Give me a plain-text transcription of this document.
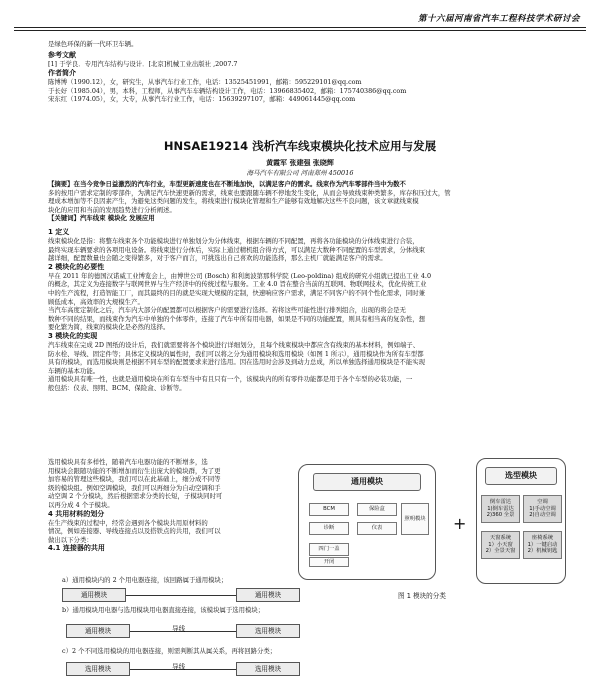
第十六届河南省汽车工程科技学术研讨会
是绿色环保的新一代环卫车辆。
参考文献
[1] 于学良．专用汽车结构与设计．[北京]机械工业出版社 ,2007.7
作者简介
陈博博（1990.12），女，研究生，从事汽车行业工作，电话：13525451991，邮箱：595229101@qq.com
于长好（1985.04），男，本科，工程师，从事汽车车辆结构设计工作，电话：13966835402，邮箱：175740386@qq.com
宋东红（1974.05），女，大专，从事汽车行业工作，电话：15639297107，邮箱：449061445@qq.com
HNSAE19214 浅析汽车线束模块化技术应用与发展
黄霞军 张建强 张晓辉
海马汽车有限公司 河南郑州 450016
【摘要】在当今竞争日益激烈的汽车行业，车型更新速度也在不断地加快，以满足客户的需求。线束作为汽车零部件当中为数不
多的按用户需求定制的零部件，为满足汽车快速更新的需求，线束也要跟随车辆不停地发生变化，从而会导致线束种类繁多，库存积压过大，管
理成本增加等不良因素产生，为避免这类问题的发生，将线束进行模块化管理和生产能够有效地解决这些不良问题，该文章就线束模
块化的应用和当前的发展趋势进行分析阐述。
【关键词】汽车线束 模块化 发展应用
1 定义
线束模块化是指：将整车线束各个功能模块进行单独划分为分体线束，根据车辆的不同配置，再将各功能模块的分体线束进行合装，
最终实现车辆要求的各项用电设备。将线束进行分体后，实际上通过精机组合得方式，可以满足大数种不同配置的车型需求，分体线束
越详细，配置数量也会随之变得繁多，对于客户而言，可挑选出自己喜欢的功能选择，那么主机厂就能满足客户的需求。
2 模块化的必要性
早在 2011 年的德国汉诺威工业博览会上，由博世公司 (Bosch) 和利奥波第那科学院 (Leo-poldina) 组成的研究小组就已提出工业 4.0
的概念，其定义为连接数字与联网世界与生产经济中的传统过程与服务。工业 4.0 旨在整合当前的互联网、物联网技术，优化传统工业
中的生产流程，打造智能工厂，而其最终的目的就是实现大规模的定制，快速响应客户需求，满足不同客户的不同个性化需求，同时兼
顾低成本，高效率的大规模生产。
当汽车高度定制化之后，汽车内大部分的配置都可以根据客户的需要进行选择。若将这些可能性进行排列组合，出现的将会是无
数种不同的结果，而线束作为汽车中单独的个体零件，连接了汽车中所有用电器，如果是不同的功能配置，则具有相当高的复杂性，想
要化繁为简，线束的模块化是必然的选择。
3 模块化的实现
汽车线束在完成 2D 图纸的设计后，我们就需要将各个模块进行详细划分，且每个线束模块中都应含有线束的基本材料，例如端子、
防水栓、导线、固定件等；具体定义模块的属性时，我们可以将之分为通用模块和选用模块（如图 1 所示），通用模块作为所有车型都
具有的模块，而选用模块则是根据不同车型的配置要求来进行选用。因在选用时会涉及到动力总成，所以单独选择通用模块是不能实现
车辆的基本功能。
通用模块具有唯一性，也就是通用模块在所有车型当中有且只有一个，该模块内的所有零件功能都是用于各个车型的必装功能，一
般包括：仪表、照明、BCM、保险盒、诊断等。
选用模块具有多样性，随着汽车电器功能的不断增多，选
用模块会跟随功能的不断增加而衍生出庞大的模块群，为了更
加容易的管理这些模块，我们可以在此基础上，细分成不同等
级的模块组。例如空调模块，我们可以再细分为自动空调和手
动空调 2 个分模块，然后根据需求分类的长短，子模块同时可
以再分成 4 个子模块。
4 共用材料的划分
在生产线束的过程中，经常会遇到各个模块共用原材料的
情况，例如连接器、导线连接点以及搭铁点的共用，我们可以
做出以下分类：
4.1 连接器的共用
通用模块
BCM	保险盒
诊断	仪表
照明模块
四门一盖
开闭
+
选型模块
倒车雷达
1)倒车雷达
2)360 全景
空调
1)手动空调
2)自动空调
天窗系统
1）小天窗
2）全景天窗
座椅系统
1）一键启动
2）机械钥匙
图 1 模块的分类
a）通用模块内的 2 个用电器连接，该回路属于通用模块；
通用模块	通用模块
b）通用模块用电器与选用模块用电器直接连接，该模块属于选用模块；
通用模块	导线	选用模块
c）2 个不同选用模块的用电器连接，则需判断其从属关系，再将回路分类；
选用模块	导线	选用模块
